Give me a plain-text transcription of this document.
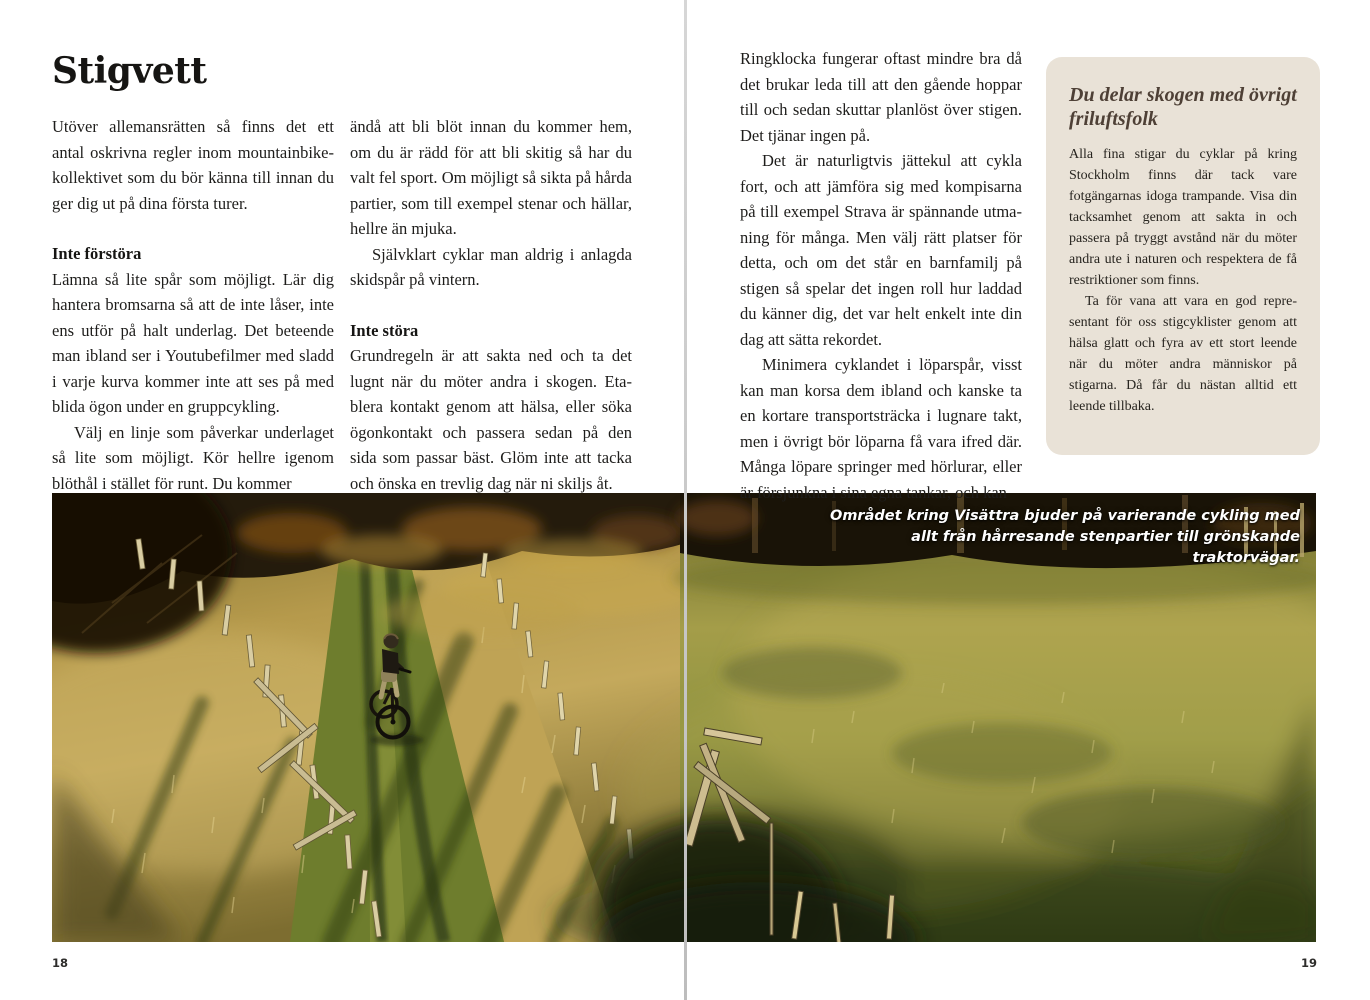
Stigvett

Utöver allemansrätten så finns det ett antal oskrivna regler inom mountainbikekollektivet som du bör känna till innan du ger dig ut på dina första turer.

Inte förstöra

Lämna så lite spår som möjligt. Lär dig hantera bromsarna så att de inte låser, inte ens utför på halt underlag. Det beteende man ibland ser i Youtubefilmer med sladd i varje kurva kommer inte att ses på med blida ögon under en gruppcykling.

Välj en linje som påverkar underlaget så lite som möjligt. Kör hellre igenom blöthål i stället för runt. Du kommer

ändå att bli blöt innan du kommer hem, om du är rädd för att bli skitig så har du valt fel sport. Om möjligt så sikta på hårda partier, som till exempel stenar och hällar, hellre än mjuka.

Självklart cyklar man aldrig i anlagda skidspår på vintern.

Inte störa

Grundregeln är att sakta ned och ta det lugnt när du möter andra i skogen. Etablera kontakt genom att hälsa, eller söka ögonkontakt och passera sedan på den sida som passar bäst. Glöm inte att tacka och önska en trevlig dag när ni skiljs åt.

18

Ringklocka fungerar oftast mindre bra då det brukar leda till att den gående hoppar till och sedan skuttar planlöst över stigen. Det tjänar ingen på.

Det är naturligtvis jättekul att cykla fort, och att jämföra sig med kompisarna på till exempel Strava är spännande utmaning för många. Men välj rätt platser för detta, och om det står en barnfamilj på stigen så spelar det ingen roll hur laddad du känner dig, det var helt enkelt inte din dag att sätta rekordet.

Minimera cyklandet i löparspår, visst kan man korsa dem ibland och kanske ta en kortare transportsträcka i lugnare takt, men i övrigt bör löparna få vara ifred där. Många löpare springer med hörlurar, eller är försjunkna i sina egna tankar, och kan

Du delar skogen med övrigt friluftsfolk

Alla fina stigar du cyklar på kring Stockholm finns där tack vare fotgängarnas idoga trampande. Visa din tacksamhet genom att sakta in och passera på tryggt avstånd när du möter andra ute i naturen och respektera de få restriktioner som finns.

Ta för vana att vara en god representant för oss stigcyklister genom att hälsa glatt och fyra av ett stort leende när du möter andra människor på stigarna. Då får du nästan alltid ett leende tillbaka.

19
Området kring Visättra bjuder på varierande cykling med allt från hårresande stenpartier till grönskande traktorvägar.
